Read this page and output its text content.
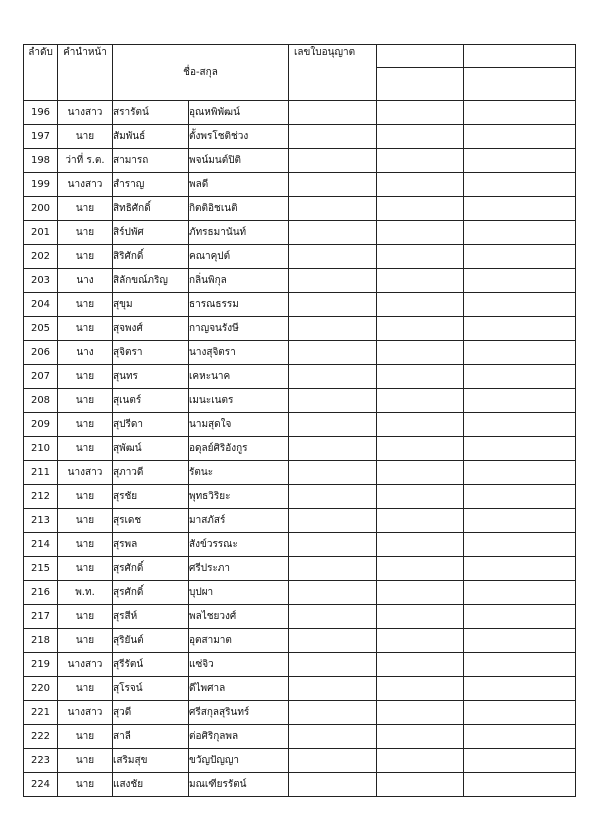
ลำดับ	คำนำหน้า	ชื่อ-สกุล		เลขใบอนุญาต	

196	นางสาว	สรารัตน์	อุณหพิพัฒน์			
197	นาย	สัมพันธ์	ตั้งพรโชติช่วง			
198	ว่าที่ ร.ต.	สามารถ	พจน์มนต์ปิติ			
199	นางสาว	สำราญ	พลดี			
200	นาย	สิทธิศักดิ์	กิตติอิชเนติ			
201	นาย	สิร์ปพัศ	ภัทรธมานันท์			
202	นาย	สิริศักดิ์	คณาคุปต์			
203	นาง	สิลักขณ์ภริญ	กลิ่นพิกุล			
204	นาย	สุขุม	ธารณธรรม			
205	นาย	สุจพงศ์	กาญจนรังษี			
206	นาง	สุจิตรา	นางสุจิตรา			
207	นาย	สุนทร	เคหะนาค			
208	นาย	สุเนตร์	เมนะเนตร			
209	นาย	สุปรีดา	นามสุดใจ			
210	นาย	สุพัฒน์	อดุลย์ศิริอังกูร			
211	นางสาว	สุภาวดี	รัตนะ			
212	นาย	สุรชัย	พุทธวิริยะ			
213	นาย	สุรเดช	มาสภัสร์			
214	นาย	สุรพล	สังข์วรรณะ			
215	นาย	สุรศักดิ์	ศรีประภา			
216	พ.ท.	สุรศักดิ์	บุปผา			
217	นาย	สุรสีห์	พลไชยวงศ์			
218	นาย	สุริยันต์	อุตสามาต			
219	นางสาว	สุรีรัตน์	แซ่จิว			
220	นาย	สุโรจน์	ดีไพศาล			
221	นางสาว	สุวดี	ศรีสกุลสุรินทร์			
222	นาย	สาลี	ต่อศิริกุลพล			
223	นาย	เสริมสุข	ขวัญปัญญา			
224	นาย	แสงชัย	มณเฑียรรัตน์			
